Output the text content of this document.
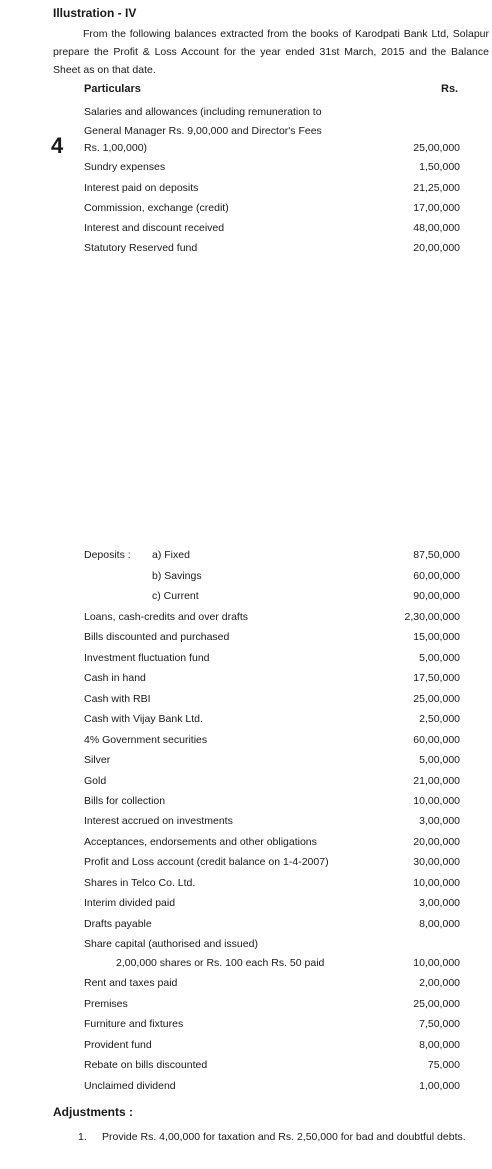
Illustration - IV
From the following balances extracted from the books of Karodpati Bank Ltd, Solapur prepare the Profit & Loss Account for the year ended 31st March, 2015 and the Balance Sheet as on that date.
Particulars	Rs.
4
Salaries and allowances (including remuneration to
General Manager Rs. 9,00,000 and Director's Fees
Rs. 1,00,000)	25,00,000
Sundry expenses	1,50,000
Interest paid on deposits	21,25,000
Commission, exchange (credit)	17,00,000
Interest and discount received	48,00,000
Statutory Reserved fund	20,00,000
Deposits : a) Fixed	87,50,000
b) Savings	60,00,000
c) Current	90,00,000
Loans, cash-credits and over drafts	2,30,00,000
Bills discounted and purchased	15,00,000
Investment fluctuation fund	5,00,000
Cash in hand	17,50,000
Cash with RBI	25,00,000
Cash with Vijay Bank Ltd.	2,50,000
4% Government securities	60,00,000
Silver	5,00,000
Gold	21,00,000
Bills for collection	10,00,000
Interest accrued on investments	3,00,000
Acceptances, endorsements and other obligations	20,00,000
Profit and Loss account (credit balance on 1-4-2007)	30,00,000
Shares in Telco Co. Ltd.	10,00,000
Interim divided paid	3,00,000
Drafts payable	8,00,000
Share capital (authorised and issued)
2,00,000 shares or Rs. 100 each Rs. 50 paid	10,00,000
Rent and taxes paid	2,00,000
Premises	25,00,000
Furniture and fixtures	7,50,000
Provident fund	8,00,000
Rebate on bills discounted	75,000
Unclaimed dividend	1,00,000
Adjustments :
1. Provide Rs. 4,00,000 for taxation and Rs. 2,50,000 for bad and doubtful debts.
